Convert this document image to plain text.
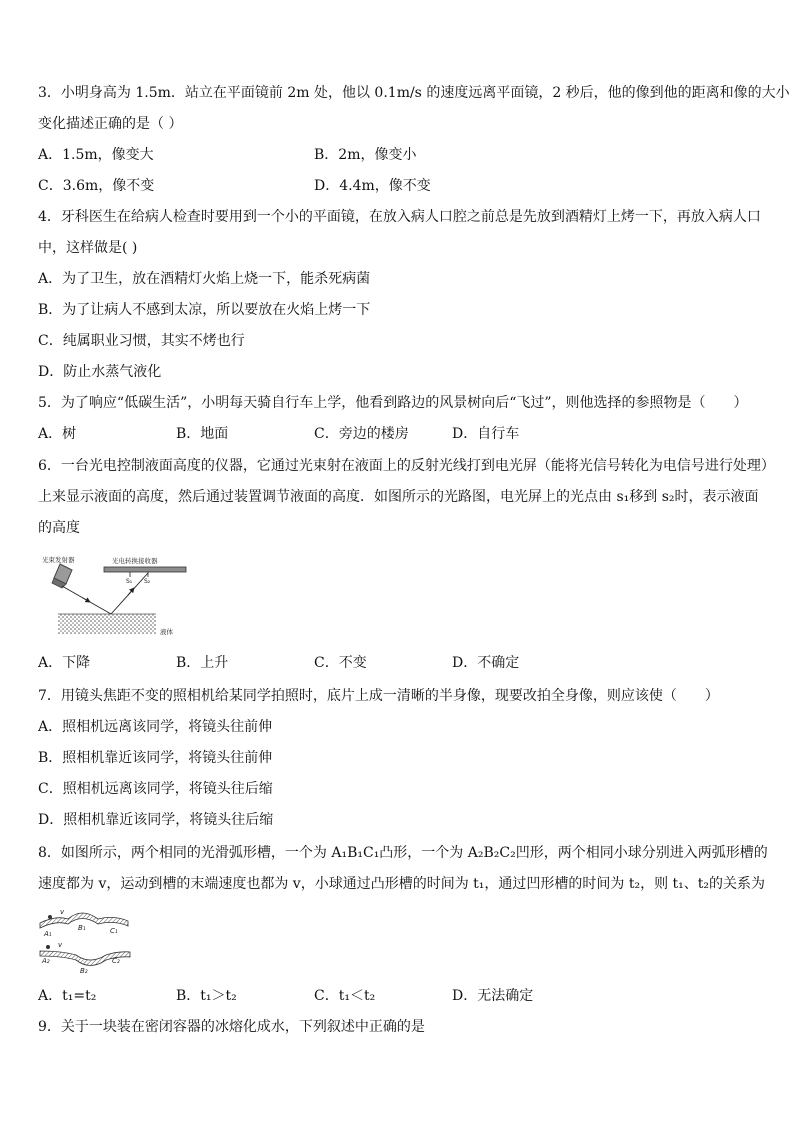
3．小明身高为 1.5m．站立在平面镜前 2m 处，他以 0.1m/s 的速度远离平面镜，2 秒后，他的像到他的距离和像的大小
变化描述正确的是（ ）
A．1.5m，像变大	B．2m，像变小
C．3.6m，像不变	D．4.4m，像不变
4．牙科医生在给病人检查时要用到一个小的平面镜，在放入病人口腔之前总是先放到酒精灯上烤一下，再放入病人口
中，这样做是( )
A．为了卫生，放在酒精灯火焰上烧一下，能杀死病菌
B．为了让病人不感到太凉，所以要放在火焰上烤一下
C．纯属职业习惯，其实不烤也行
D．防止水蒸气液化
5．为了响应“低碳生活”，小明每天骑自行车上学，他看到路边的风景树向后“飞过”，则他选择的参照物是（　　）
A．树	B．地面	C．旁边的楼房	D．自行车
6．一台光电控制液面高度的仪器，它通过光束射在液面上的反射光线打到电光屏（能将光信号转化为电信号进行处理）
上来显示液面的高度，然后通过装置调节液面的高度．如图所示的光路图，电光屏上的光点由 s₁移到 s₂时，表示液面
的高度
光束发射器	光电转换接收器
S₁ S₂
液体
A．下降	B．上升	C．不变	D．不确定
7．用镜头焦距不变的照相机给某同学拍照时，底片上成一清晰的半身像，现要改拍全身像，则应该使（　　）
A．照相机远离该同学，将镜头往前伸
B．照相机靠近该同学，将镜头往前伸
C．照相机远离该同学，将镜头往后缩
D．照相机靠近该同学，将镜头往后缩
8．如图所示，两个相同的光滑弧形槽，一个为 A₁B₁C₁凸形，一个为 A₂B₂C₂凹形，两个相同小球分别进入两弧形槽的
速度都为 v，运动到槽的末端速度也都为 v，小球通过凸形槽的时间为 t₁，通过凹形槽的时间为 t₂，则 t₁、t₂的关系为
v
A₁
B₁	C₁
v
A₂
B₂
C₂
A．t₁=t₂	B．t₁＞t₂	C．t₁＜t₂	D．无法确定
9．关于一块装在密闭容器的冰熔化成水，下列叙述中正确的是
